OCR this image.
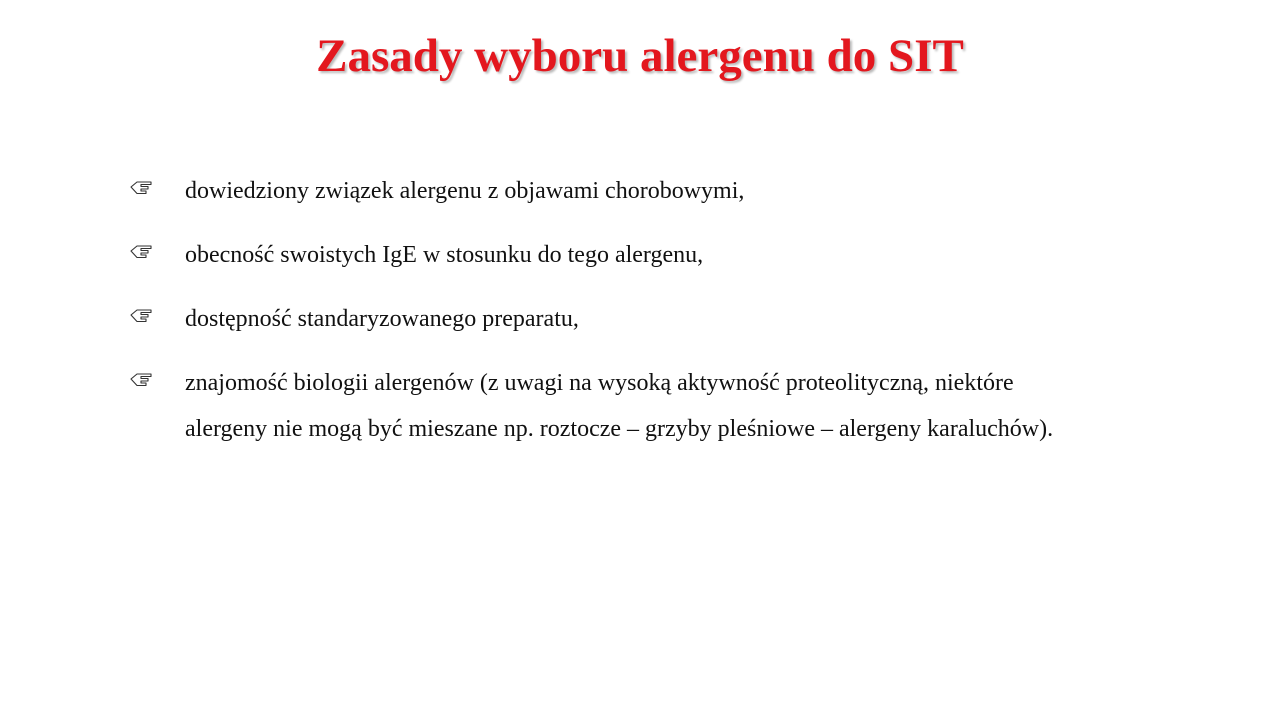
Zasady wyboru alergenu do SIT
dowiedziony związek alergenu z objawami chorobowymi,
obecność swoistych IgE w stosunku do tego alergenu,
dostępność standaryzowanego preparatu,
znajomość biologii alergenów (z uwagi na wysoką aktywność proteolityczną, niektóre alergeny nie mogą być mieszane np. roztocze – grzyby pleśniowe – alergeny karaluchów).
